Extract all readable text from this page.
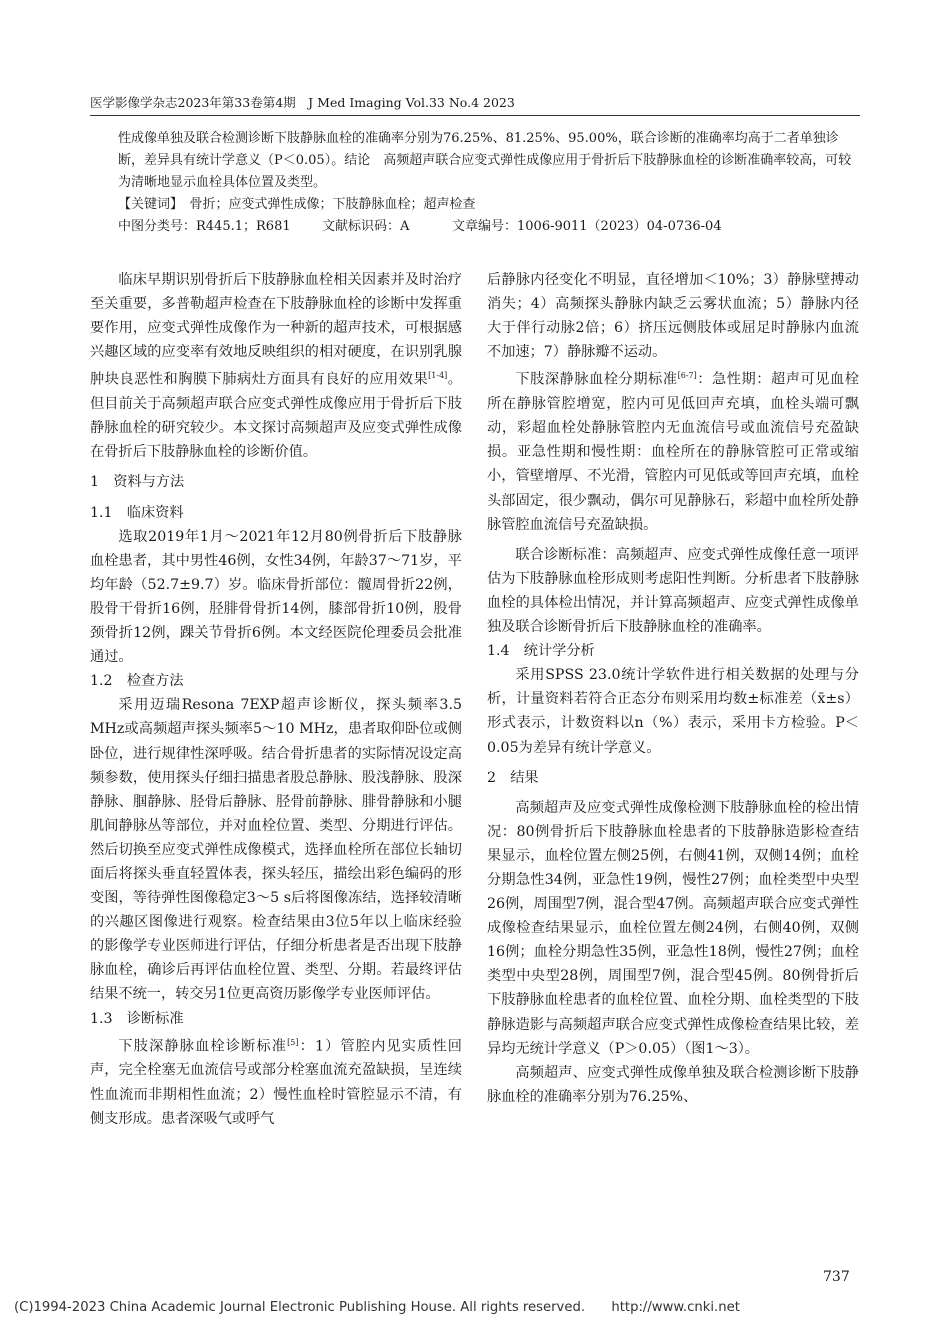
医学影像学杂志2023年第33卷第4期　J Med Imaging Vol.33 No.4 2023

性成像单独及联合检测诊断下肢静脉血栓的准确率分别为76.25%、81.25%、95.00%，联合诊断的准确率均高于二者单独诊断，差异具有统计学意义（P＜0.05）。结论　高频超声联合应变式弹性成像应用于骨折后下肢静脉血栓的诊断准确率较高，可较为清晰地显示血栓具体位置及类型。

【关键词】　骨折；应变式弹性成像；下肢静脉血栓；超声检查

中图分类号：R445.1；R681	文献标识码：A	文章编号：1006-9011（2023）04-0736-04

临床早期识别骨折后下肢静脉血栓相关因素并及时治疗至关重要，多普勒超声检查在下肢静脉血栓的诊断中发挥重要作用，应变式弹性成像作为一种新的超声技术，可根据感兴趣区域的应变率有效地反映组织的相对硬度，在识别乳腺肿块良恶性和胸膜下肺病灶方面具有良好的应用效果[1-4]。但目前关于高频超声联合应变式弹性成像应用于骨折后下肢静脉血栓的研究较少。本文探讨高频超声及应变式弹性成像在骨折后下肢静脉血栓的诊断价值。

1　资料与方法
1.1　临床资料

选取2019年1月～2021年12月80例骨折后下肢静脉血栓患者，其中男性46例，女性34例，年龄37～71岁，平均年龄（52.7±9.7）岁。临床骨折部位：髋周骨折22例，股骨干骨折16例，胫腓骨骨折14例，膝部骨折10例，股骨颈骨折12例，踝关节骨折6例。本文经医院伦理委员会批准通过。

1.2　检查方法

采用迈瑞Resona 7EXP超声诊断仪，探头频率3.5 MHz或高频超声探头频率5～10 MHz，患者取仰卧位或侧卧位，进行规律性深呼吸。结合骨折患者的实际情况设定高频参数，使用探头仔细扫描患者股总静脉、股浅静脉、股深静脉、腘静脉、胫骨后静脉、胫骨前静脉、腓骨静脉和小腿肌间静脉丛等部位，并对血栓位置、类型、分期进行评估。然后切换至应变式弹性成像模式，选择血栓所在部位长轴切面后将探头垂直轻置体表，探头轻压，描绘出彩色编码的形变图，等待弹性图像稳定3～5 s后将图像冻结，选择较清晰的兴趣区图像进行观察。检查结果由3位5年以上临床经验的影像学专业医师进行评估，仔细分析患者是否出现下肢静脉血栓，确诊后再评估血栓位置、类型、分期。若最终评估结果不统一，转交另1位更高资历影像学专业医师评估。

1.3　诊断标准

下肢深静脉血栓诊断标准[5]：1）管腔内见实质性回声，完全栓塞无血流信号或部分栓塞血流充盈缺损，呈连续性血流而非期相性血流；2）慢性血栓时管腔显示不清，有侧支形成。患者深吸气或呼气

后静脉内径变化不明显，直径增加＜10%；3）静脉壁搏动消失；4）高频探头静脉内缺乏云雾状血流；5）静脉内径大于伴行动脉2倍；6）挤压远侧肢体或屈足时静脉内血流不加速；7）静脉瓣不运动。

下肢深静脉血栓分期标准[6-7]：急性期：超声可见血栓所在静脉管腔增宽，腔内可见低回声充填，血栓头端可飘动，彩超血栓处静脉管腔内无血流信号或血流信号充盈缺损。亚急性期和慢性期：血栓所在的静脉管腔可正常或缩小，管壁增厚、不光滑，管腔内可见低或等回声充填，血栓头部固定，很少飘动，偶尔可见静脉石，彩超中血栓所处静脉管腔血流信号充盈缺损。

联合诊断标准：高频超声、应变式弹性成像任意一项评估为下肢静脉血栓形成则考虑阳性判断。分析患者下肢静脉血栓的具体检出情况，并计算高频超声、应变式弹性成像单独及联合诊断骨折后下肢静脉血栓的准确率。

1.4　统计学分析

采用SPSS 23.0统计学软件进行相关数据的处理与分析，计量资料若符合正态分布则采用均数±标准差（x̄±s）形式表示，计数资料以n（%）表示，采用卡方检验。P＜0.05为差异有统计学意义。

2　结果

高频超声及应变式弹性成像检测下肢静脉血栓的检出情况：80例骨折后下肢静脉血栓患者的下肢静脉造影检查结果显示，血栓位置左侧25例，右侧41例，双侧14例；血栓分期急性34例，亚急性19例，慢性27例；血栓类型中央型26例，周围型7例，混合型47例。高频超声联合应变式弹性成像检查结果显示，血栓位置左侧24例，右侧40例，双侧16例；血栓分期急性35例，亚急性18例，慢性27例；血栓类型中央型28例，周围型7例，混合型45例。80例骨折后下肢静脉血栓患者的血栓位置、血栓分期、血栓类型的下肢静脉造影与高频超声联合应变式弹性成像检查结果比较，差异均无统计学意义（P＞0.05）（图1～3）。

高频超声、应变式弹性成像单独及联合检测诊断下肢静脉血栓的准确率分别为76.25%、

737
(C)1994-2023 China Academic Journal Electronic Publishing House. All rights reserved.　　http://www.cnki.net
